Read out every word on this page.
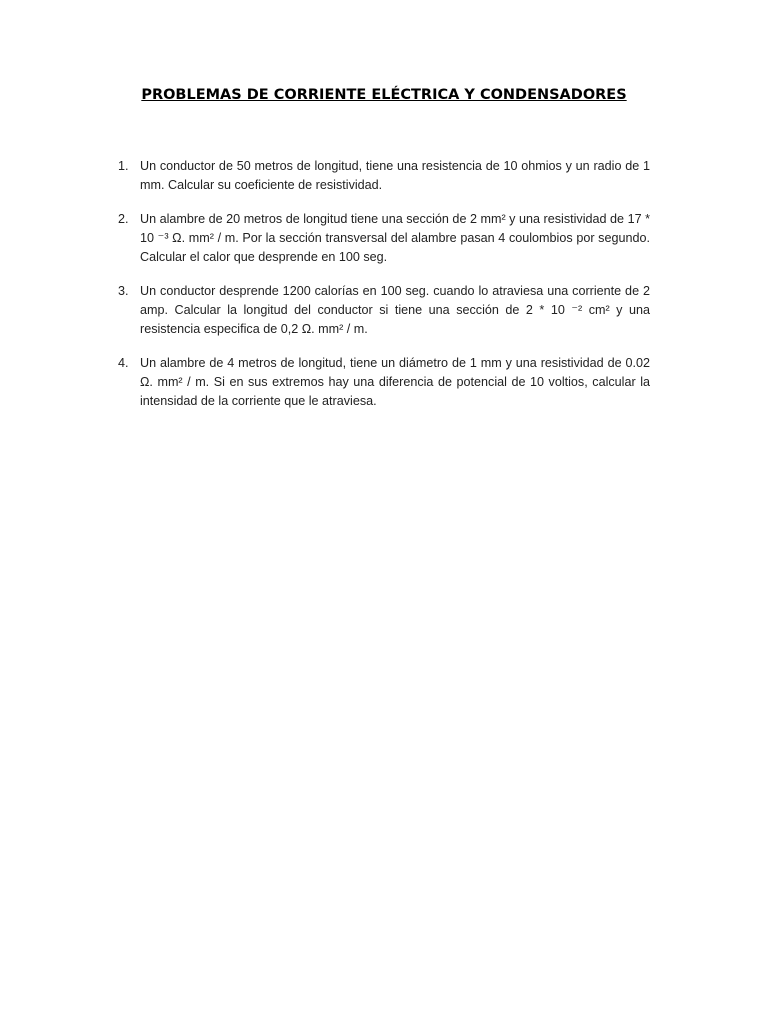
PROBLEMAS DE CORRIENTE ELÉCTRICA Y CONDENSADORES
1. Un conductor de 50 metros de longitud, tiene una resistencia de 10 ohmios y un radio de 1 mm. Calcular su coeficiente de resistividad.
2. Un alambre de 20 metros de longitud tiene una sección de 2 mm² y una resistividad de 17 * 10 ⁻³ Ω. mm² / m. Por la sección transversal del alambre pasan 4 coulombios por segundo. Calcular el calor que desprende en 100 seg.
3. Un conductor desprende 1200 calorías en 100 seg. cuando lo atraviesa una corriente de 2 amp. Calcular la longitud del conductor si tiene una sección de 2 * 10 ⁻² cm² y una resistencia especifica de 0,2 Ω. mm² / m.
4. Un alambre de 4 metros de longitud, tiene un diámetro de 1 mm y una resistividad de 0.02 Ω. mm² / m. Si en sus extremos hay una diferencia de potencial de 10 voltios, calcular la intensidad de la corriente que le atraviesa.
